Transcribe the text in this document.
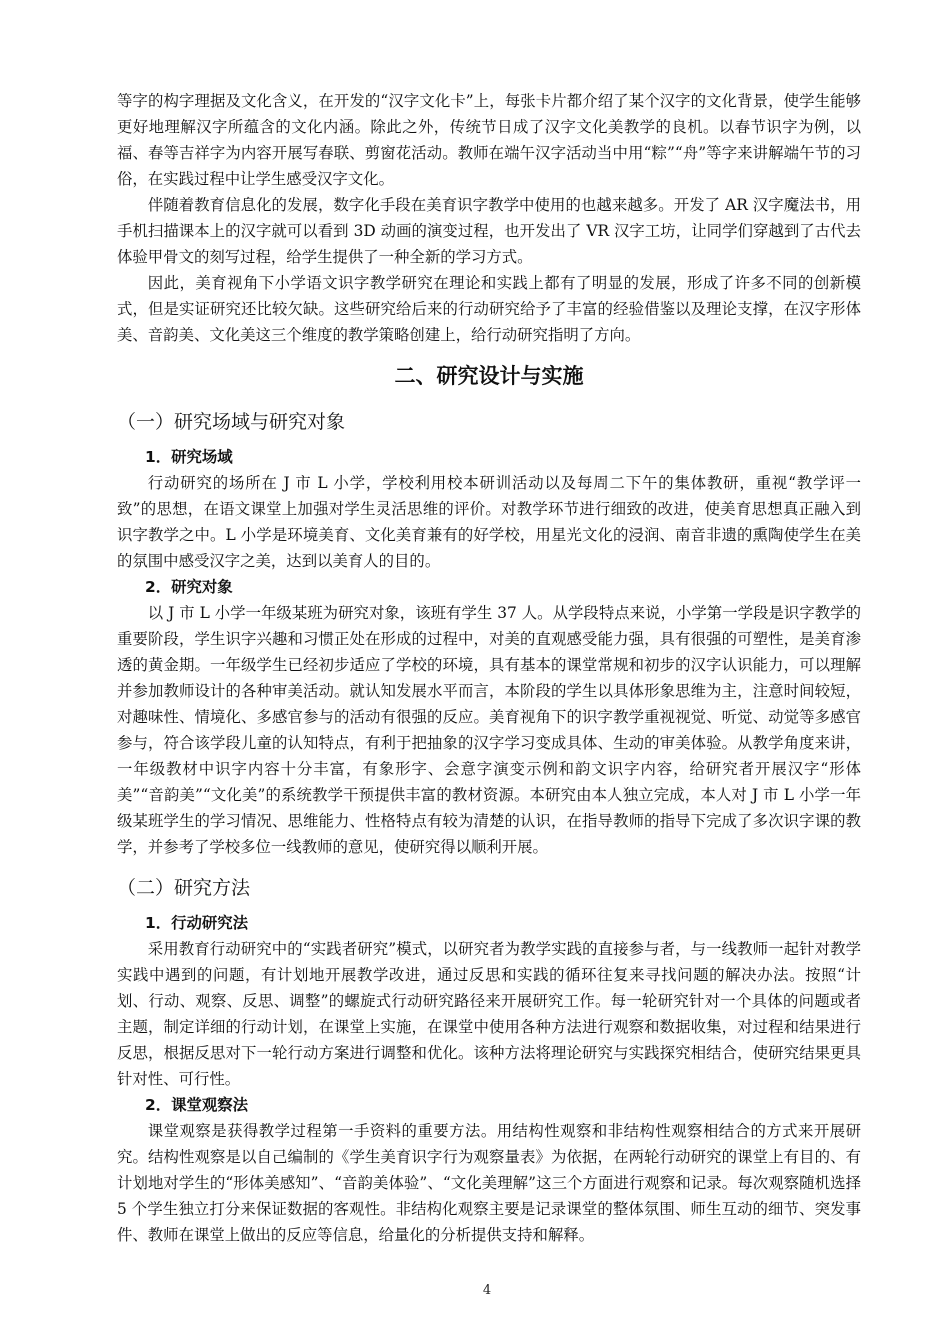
等字的构字理据及文化含义，在开发的“汉字文化卡”上，每张卡片都介绍了某个汉字的文化背景，使学生能够更好地理解汉字所蕴含的文化内涵。除此之外，传统节日成了汉字文化美教学的良机。以春节识字为例，以福、春等吉祥字为内容开展写春联、剪窗花活动。教师在端午汉字活动当中用“粽”“舟”等字来讲解端午节的习俗，在实践过程中让学生感受汉字文化。

伴随着教育信息化的发展，数字化手段在美育识字教学中使用的也越来越多。开发了 AR 汉字魔法书，用手机扫描课本上的汉字就可以看到 3D 动画的演变过程，也开发出了 VR 汉字工坊，让同学们穿越到了古代去体验甲骨文的刻写过程，给学生提供了一种全新的学习方式。

因此，美育视角下小学语文识字教学研究在理论和实践上都有了明显的发展，形成了许多不同的创新模式，但是实证研究还比较欠缺。这些研究给后来的行动研究给予了丰富的经验借鉴以及理论支撑，在汉字形体美、音韵美、文化美这三个维度的教学策略创建上，给行动研究指明了方向。

二、研究设计与实施
（一）研究场域与研究对象
1．研究场域

行动研究的场所在 J 市 L 小学，学校利用校本研训活动以及每周二下午的集体教研，重视“教学评一致”的思想，在语文课堂上加强对学生灵活思维的评价。对教学环节进行细致的改进，使美育思想真正融入到识字教学之中。L 小学是环境美育、文化美育兼有的好学校，用星光文化的浸润、南音非遗的熏陶使学生在美的氛围中感受汉字之美，达到以美育人的目的。

2．研究对象

以 J 市 L 小学一年级某班为研究对象，该班有学生 37 人。从学段特点来说，小学第一学段是识字教学的重要阶段，学生识字兴趣和习惯正处在形成的过程中，对美的直观感受能力强，具有很强的可塑性，是美育渗透的黄金期。一年级学生已经初步适应了学校的环境，具有基本的课堂常规和初步的汉字认识能力，可以理解并参加教师设计的各种审美活动。就认知发展水平而言，本阶段的学生以具体形象思维为主，注意时间较短，对趣味性、情境化、多感官参与的活动有很强的反应。美育视角下的识字教学重视视觉、听觉、动觉等多感官参与，符合该学段儿童的认知特点，有利于把抽象的汉字学习变成具体、生动的审美体验。从教学角度来讲，一年级教材中识字内容十分丰富，有象形字、会意字演变示例和韵文识字内容，给研究者开展汉字“形体美”“音韵美”“文化美”的系统教学干预提供丰富的教材资源。本研究由本人独立完成，本人对 J 市 L 小学一年级某班学生的学习情况、思维能力、性格特点有较为清楚的认识，在指导教师的指导下完成了多次识字课的教学，并参考了学校多位一线教师的意见，使研究得以顺利开展。

（二）研究方法
1．行动研究法

采用教育行动研究中的“实践者研究”模式，以研究者为教学实践的直接参与者，与一线教师一起针对教学实践中遇到的问题，有计划地开展教学改进，通过反思和实践的循环往复来寻找问题的解决办法。按照“计划、行动、观察、反思、调整”的螺旋式行动研究路径来开展研究工作。每一轮研究针对一个具体的问题或者主题，制定详细的行动计划，在课堂上实施，在课堂中使用各种方法进行观察和数据收集，对过程和结果进行反思，根据反思对下一轮行动方案进行调整和优化。该种方法将理论研究与实践探究相结合，使研究结果更具针对性、可行性。

2．课堂观察法

课堂观察是获得教学过程第一手资料的重要方法。用结构性观察和非结构性观察相结合的方式来开展研究。结构性观察是以自己编制的《学生美育识字行为观察量表》为依据，在两轮行动研究的课堂上有目的、有计划地对学生的“形体美感知”、“音韵美体验”、“文化美理解”这三个方面进行观察和记录。每次观察随机选择 5 个学生独立打分来保证数据的客观性。非结构化观察主要是记录课堂的整体氛围、师生互动的细节、突发事件、教师在课堂上做出的反应等信息，给量化的分析提供支持和解释。

4
